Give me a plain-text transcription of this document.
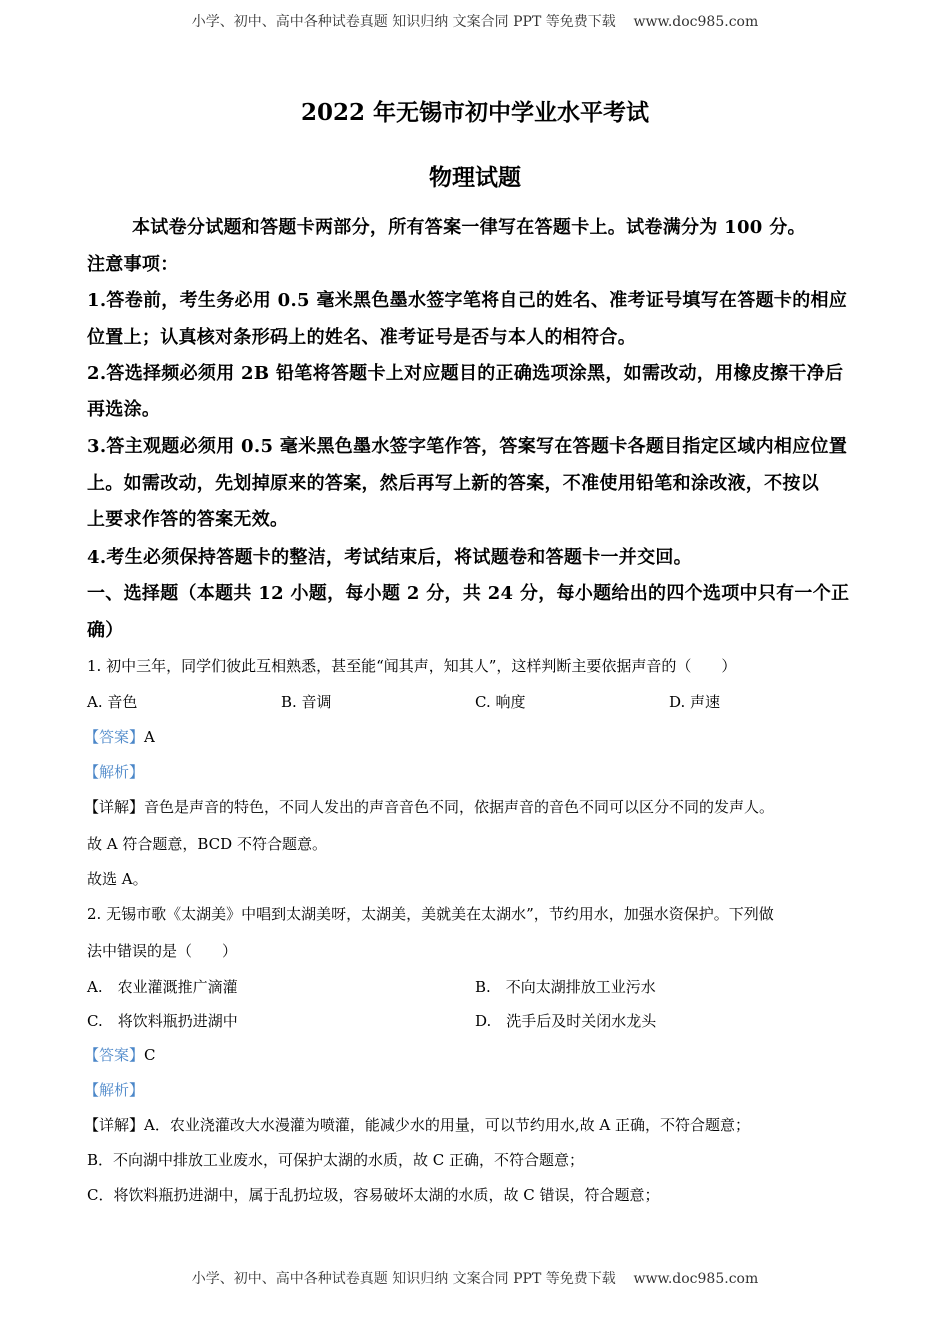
小学、初中、高中各种试卷真题 知识归纳 文案合同 PPT 等免费下载 www.doc985.com
2022 年无锡市初中学业水平考试
物理试题
本试卷分试题和答题卡两部分，所有答案一律写在答题卡上。试卷满分为 100 分。
注意事项：
1.答卷前，考生务必用 0.5 毫米黑色墨水签字笔将自己的姓名、准考证号填写在答题卡的相应
位置上；认真核对条形码上的姓名、准考证号是否与本人的相符合。
2.答选择频必须用 2B 铅笔将答题卡上对应题目的正确选项涂黑，如需改动，用橡皮擦干净后
再选涂。
3.答主观题必须用 0.5 毫米黑色墨水签字笔作答，答案写在答题卡各题目指定区域内相应位置
上。如需改动，先划掉原来的答案，然后再写上新的答案，不准使用铅笔和涂改液，不按以
上要求作答的答案无效。
4.考生必须保持答题卡的整洁，考试结束后，将试题卷和答题卡一并交回。
一、选择题（本题共 12 小题，每小题 2 分，共 24 分，每小题给出的四个选项中只有一个正
确）
1. 初中三年，同学们彼此互相熟悉，甚至能“闻其声，知其人”，这样判断主要依据声音的（　　）
A. 音色	B. 音调	C. 响度	D. 声速
【答案】A
【解析】
【详解】音色是声音的特色，不同人发出的声音音色不同，依据声音的音色不同可以区分不同的发声人。
故 A 符合题意，BCD 不符合题意。
故选 A。
2. 无锡市歌《太湖美》中唱到太湖美呀，太湖美，美就美在太湖水”，节约用水，加强水资保护。下列做
法中错误的是（　　）
A.　农业灌溉推广滴灌	B.　不向太湖排放工业污水
C.　将饮料瓶扔进湖中	D.　洗手后及时关闭水龙头
【答案】C
【解析】
【详解】A．农业浇灌改大水漫灌为喷灌，能减少水的用量，可以节约用水,故 A 正确，不符合题意；
B．不向湖中排放工业废水，可保护太湖的水质，故 C 正确，不符合题意；
C．将饮料瓶扔进湖中，属于乱扔垃圾，容易破坏太湖的水质，故 C 错误，符合题意；
小学、初中、高中各种试卷真题 知识归纳 文案合同 PPT 等免费下载 www.doc985.com
